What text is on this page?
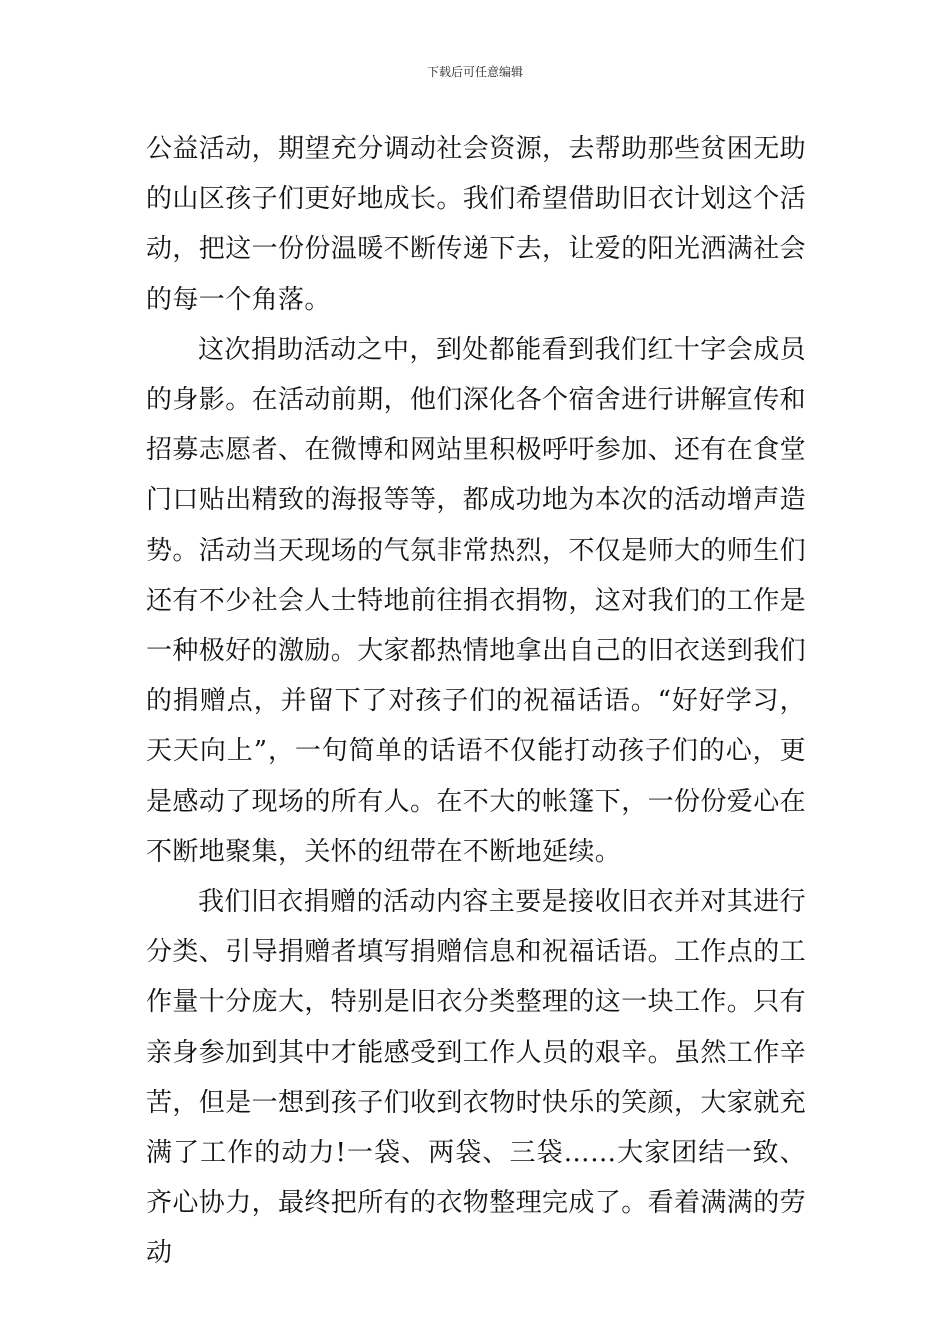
下载后可任意编辑

公益活动，期望充分调动社会资源，去帮助那些贫困无助的山区孩子们更好地成长。我们希望借助旧衣计划这个活动，把这一份份温暖不断传递下去，让爱的阳光洒满社会的每一个角落。

这次捐助活动之中，到处都能看到我们红十字会成员的身影。在活动前期，他们深化各个宿舍进行讲解宣传和招募志愿者、在微博和网站里积极呼吁参加、还有在食堂门口贴出精致的海报等等，都成功地为本次的活动增声造势。活动当天现场的气氛非常热烈，不仅是师大的师生们还有不少社会人士特地前往捐衣捐物，这对我们的工作是一种极好的激励。大家都热情地拿出自己的旧衣送到我们的捐赠点，并留下了对孩子们的祝福话语。“好好学习，天天向上”，一句简单的话语不仅能打动孩子们的心，更是感动了现场的所有人。在不大的帐篷下，一份份爱心在不断地聚集，关怀的纽带在不断地延续。

我们旧衣捐赠的活动内容主要是接收旧衣并对其进行分类、引导捐赠者填写捐赠信息和祝福话语。工作点的工作量十分庞大，特别是旧衣分类整理的这一块工作。只有亲身参加到其中才能感受到工作人员的艰辛。虽然工作辛苦，但是一想到孩子们收到衣物时快乐的笑颜，大家就充满了工作的动力!一袋、两袋、三袋……大家团结一致、齐心协力，最终把所有的衣物整理完成了。看着满满的劳动
